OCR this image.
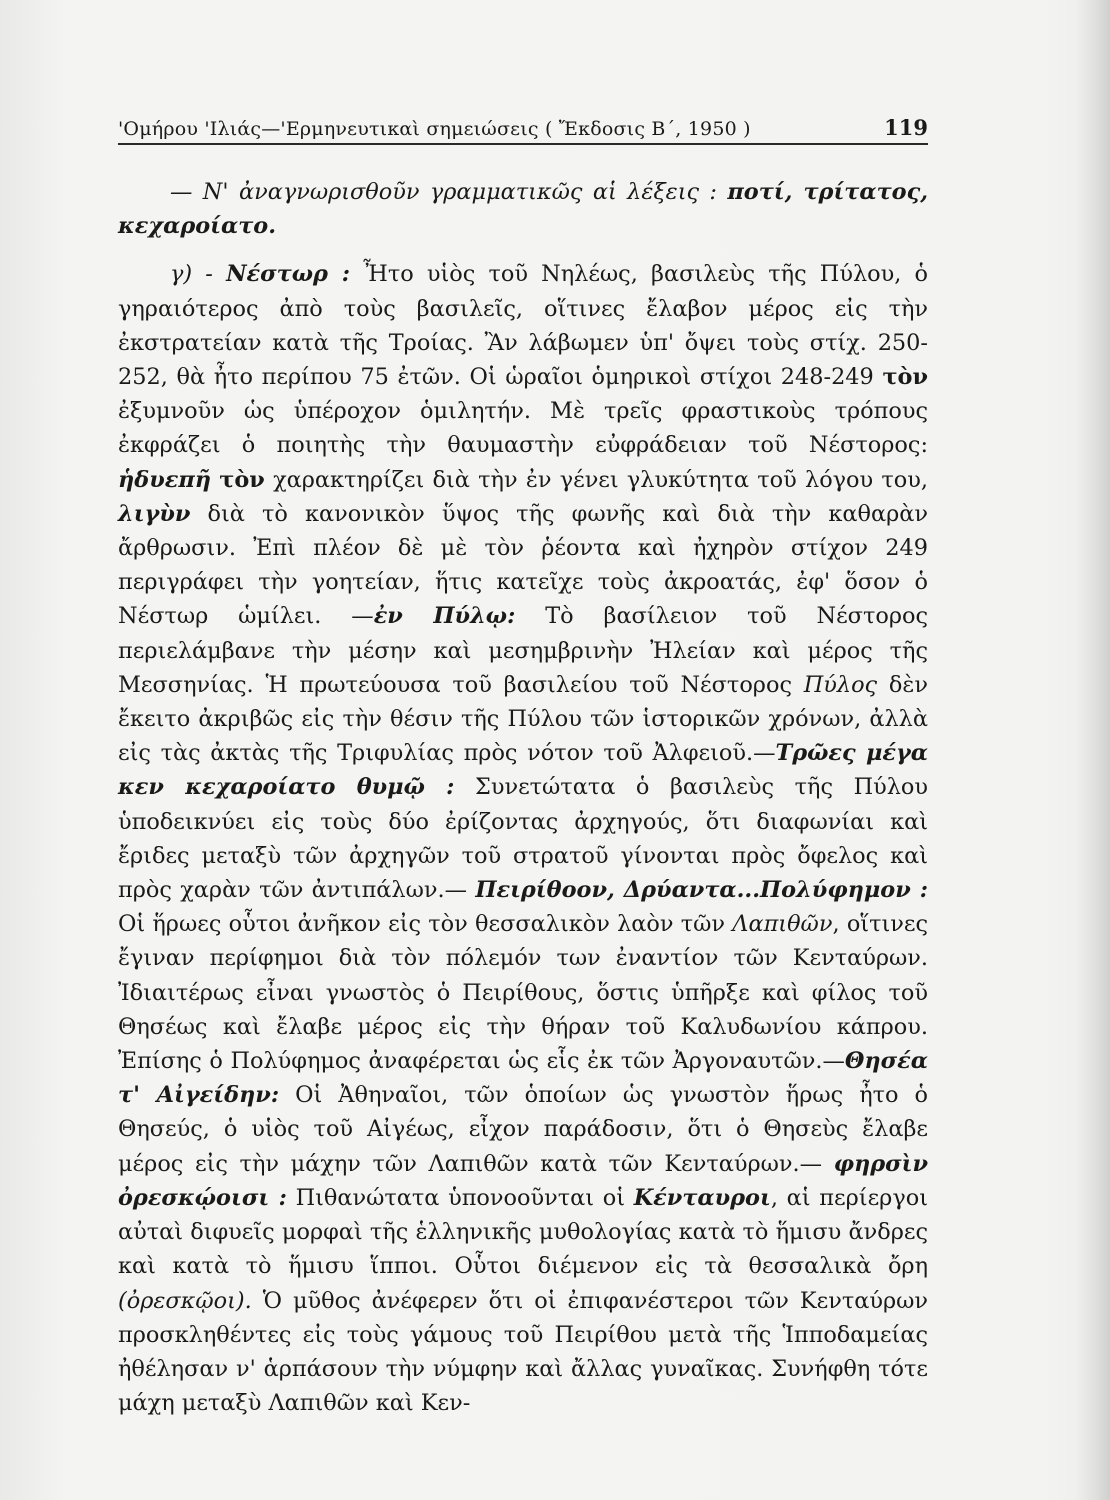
'Ομήρου 'Ιλιάς—'Ερμηνευτικαὶ σημειώσεις ( Ἔκδοσις Β΄, 1950 )	119

— Ν' ἀναγνωρισθοῦν γραμματικῶς αἱ λέξεις : ποτί, τρίτατος, κεχαροίατο.

γ) - Νέστωρ : Ἦτο υἱὸς τοῦ Νηλέως, βασιλεὺς τῆς Πύλου, ὁ γηραιότερος ἀπὸ τοὺς βασιλεῖς, οἵτινες ἔλαβον μέρος εἰς τὴν ἐκστρατείαν κατὰ τῆς Τροίας. Ἂν λάβωμεν ὑπ' ὄψει τοὺς στίχ. 250-252, θὰ ἦτο περίπου 75 ἐτῶν. Οἱ ὡραῖοι ὁμηρικοὶ στίχοι 248-249 τὸν ἐξυμνοῦν ὡς ὑπέροχον ὁμιλητήν. Μὲ τρεῖς φραστικοὺς τρόπους ἐκφράζει ὁ ποιητὴς τὴν θαυμαστὴν εὐφράδειαν τοῦ Νέστορος: ἡδυεπῆ τὸν χαρακτηρίζει διὰ τὴν ἐν γένει γλυκύτητα τοῦ λόγου του, λιγὺν διὰ τὸ κανονικὸν ὕψος τῆς φωνῆς καὶ διὰ τὴν καθαρὰν ἄρθρωσιν. Ἐπὶ πλέον δὲ μὲ τὸν ῥέοντα καὶ ἠχηρὸν στίχον 249 περιγράφει τὴν γοητείαν, ἥτις κατεῖχε τοὺς ἀκροατάς, ἐφ' ὅσον ὁ Νέστωρ ὡμίλει. —ἐν Πύλῳ: Τὸ βασίλειον τοῦ Νέστορος περιελάμβανε τὴν μέσην καὶ μεσημβρινὴν Ἠλείαν καὶ μέρος τῆς Μεσσηνίας. Ἡ πρωτεύουσα τοῦ βασιλείου τοῦ Νέστορος Πύλος δὲν ἔκειτο ἀκριβῶς εἰς τὴν θέσιν τῆς Πύλου τῶν ἱστορικῶν χρόνων, ἀλλὰ εἰς τὰς ἀκτὰς τῆς Τριφυλίας πρὸς νότον τοῦ Ἀλφειοῦ.—Τρῶες μέγα κεν κεχαροίατο θυμῷ : Συνετώτατα ὁ βασιλεὺς τῆς Πύλου ὑποδεικνύει εἰς τοὺς δύο ἐρίζοντας ἀρχηγούς, ὅτι διαφωνίαι καὶ ἔριδες μεταξὺ τῶν ἀρχηγῶν τοῦ στρατοῦ γίνονται πρὸς ὄφελος καὶ πρὸς χαρὰν τῶν ἀντιπάλων.— Πειρίθοον, Δρύαντα...Πολύφημον : Οἱ ἥρωες οὗτοι ἀνῆκον εἰς τὸν θεσσαλικὸν λαὸν τῶν Λαπιθῶν, οἵτινες ἔγιναν περίφημοι διὰ τὸν πόλεμόν των ἐναντίον τῶν Κενταύρων. Ἰδιαιτέρως εἶναι γνωστὸς ὁ Πειρίθους, ὅστις ὑπῆρξε καὶ φίλος τοῦ Θησέως καὶ ἔλαβε μέρος εἰς τὴν θήραν τοῦ Καλυδωνίου κάπρου. Ἐπίσης ὁ Πολύφημος ἀναφέρεται ὡς εἷς ἐκ τῶν Ἀργοναυτῶν.—Θησέα τ' Αἰγείδην: Οἱ Ἀθηναῖοι, τῶν ὁποίων ὡς γνωστὸν ἥρως ἦτο ὁ Θησεύς, ὁ υἱὸς τοῦ Αἰγέως, εἶχον παράδοσιν, ὅτι ὁ Θησεὺς ἔλαβε μέρος εἰς τὴν μάχην τῶν Λαπιθῶν κατὰ τῶν Κενταύρων.— φηρσὶν ὀρεσκῴοισι : Πιθανώτατα ὑπονοοῦνται οἱ Κένταυροι, αἱ περίεργοι αὐταὶ διφυεῖς μορφαὶ τῆς ἑλληνικῆς μυθολογίας κατὰ τὸ ἥμισυ ἄνδρες καὶ κατὰ τὸ ἥμισυ ἵπποι. Οὗτοι διέμενον εἰς τὰ θεσσαλικὰ ὄρη (ὀρεσκῷοι). Ὁ μῦθος ἀνέφερεν ὅτι οἱ ἐπιφανέστεροι τῶν Κενταύρων προσκληθέντες εἰς τοὺς γάμους τοῦ Πειρίθου μετὰ τῆς Ἱπποδαμείας ἠθέλησαν ν' ἁρπάσουν τὴν νύμφην καὶ ἄλλας γυναῖκας. Συνήφθη τότε μάχη μεταξὺ Λαπιθῶν καὶ Κεν-
